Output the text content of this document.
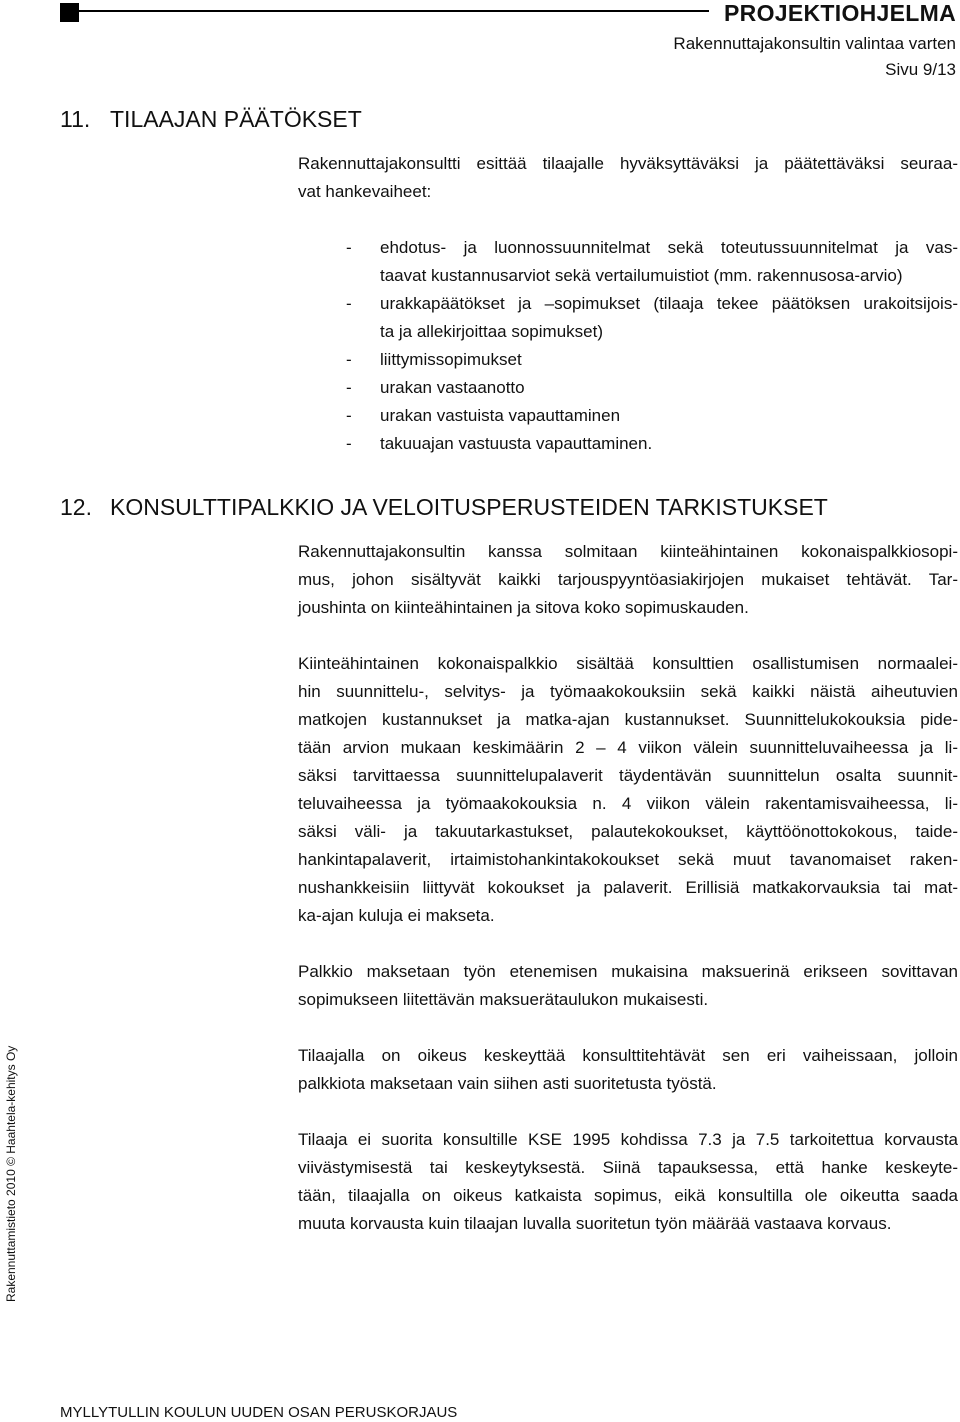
PROJEKTIOHJELMA
Rakennuttajakonsultin valintaa varten
Sivu 9/13
11. TILAAJAN PÄÄTÖKSET
Rakennuttajakonsultti esittää tilaajalle hyväksyttäväksi ja päätettäväksi seuraa-
vat hankevaiheet:
- ehdotus- ja luonnossuunnitelmat sekä toteutussuunnitelmat ja vas-
taavat kustannusarviot sekä vertailumuistiot (mm. rakennusosa-arvio)
- urakkapäätökset ja –sopimukset (tilaaja tekee päätöksen urakoitsijois-
ta ja allekirjoittaa sopimukset)
- liittymissopimukset
- urakan vastaanotto
- urakan vastuista vapauttaminen
- takuuajan vastuusta vapauttaminen.
12. KONSULTTIPALKKIO JA VELOITUSPERUSTEIDEN TARKISTUKSET
Rakennuttajakonsultin kanssa solmitaan kiinteähintainen kokonaispalkkiosopi-
mus, johon sisältyvät kaikki tarjouspyyntöasiakirjojen mukaiset tehtävät. Tar-
joushinta on kiinteähintainen ja sitova koko sopimuskauden.
Kiinteähintainen kokonaispalkkio sisältää konsulttien osallistumisen normaalei-
hin suunnittelu-, selvitys- ja työmaakokouksiin sekä kaikki näistä aiheutuvien
matkojen kustannukset ja matka-ajan kustannukset. Suunnittelukokouksia pide-
tään arvion mukaan keskimäärin 2 – 4 viikon välein suunnitteluvaiheessa ja li-
säksi tarvittaessa suunnittelupalaverit täydentävän suunnittelun osalta suunnit-
teluvaiheessa ja työmaakokouksia n. 4 viikon välein rakentamisvaiheessa, li-
säksi väli- ja takuutarkastukset, palautekokoukset, käyttöönottokokous, taide-
hankintapalaverit, irtaimistohankintakokoukset sekä muut tavanomaiset raken-
nushankkeisiin liittyvät kokoukset ja palaverit. Erillisiä matkakorvauksia tai mat-
ka-ajan kuluja ei makseta.
Palkkio maksetaan työn etenemisen mukaisina maksuerinä erikseen sovittavan
sopimukseen liitettävän maksuerätaulukon mukaisesti.
Tilaajalla on oikeus keskeyttää konsulttitehtävät sen eri vaiheissaan, jolloin
palkkiota maksetaan vain siihen asti suoritetusta työstä.
Tilaaja ei suorita konsultille KSE 1995 kohdissa 7.3 ja 7.5 tarkoitettua korvausta
viivästymisestä tai keskeytyksestä. Siinä tapauksessa, että hanke keskeyte-
tään, tilaajalla on oikeus katkaista sopimus, eikä konsultilla ole oikeutta saada
muuta korvausta kuin tilaajan luvalla suoritetun työn määrää vastaava korvaus.
Rakennuttamistieto 2010 © Haahtela-kehitys Oy
MYLLYTULLIN KOULUN UUDEN OSAN PERUSKORJAUS
